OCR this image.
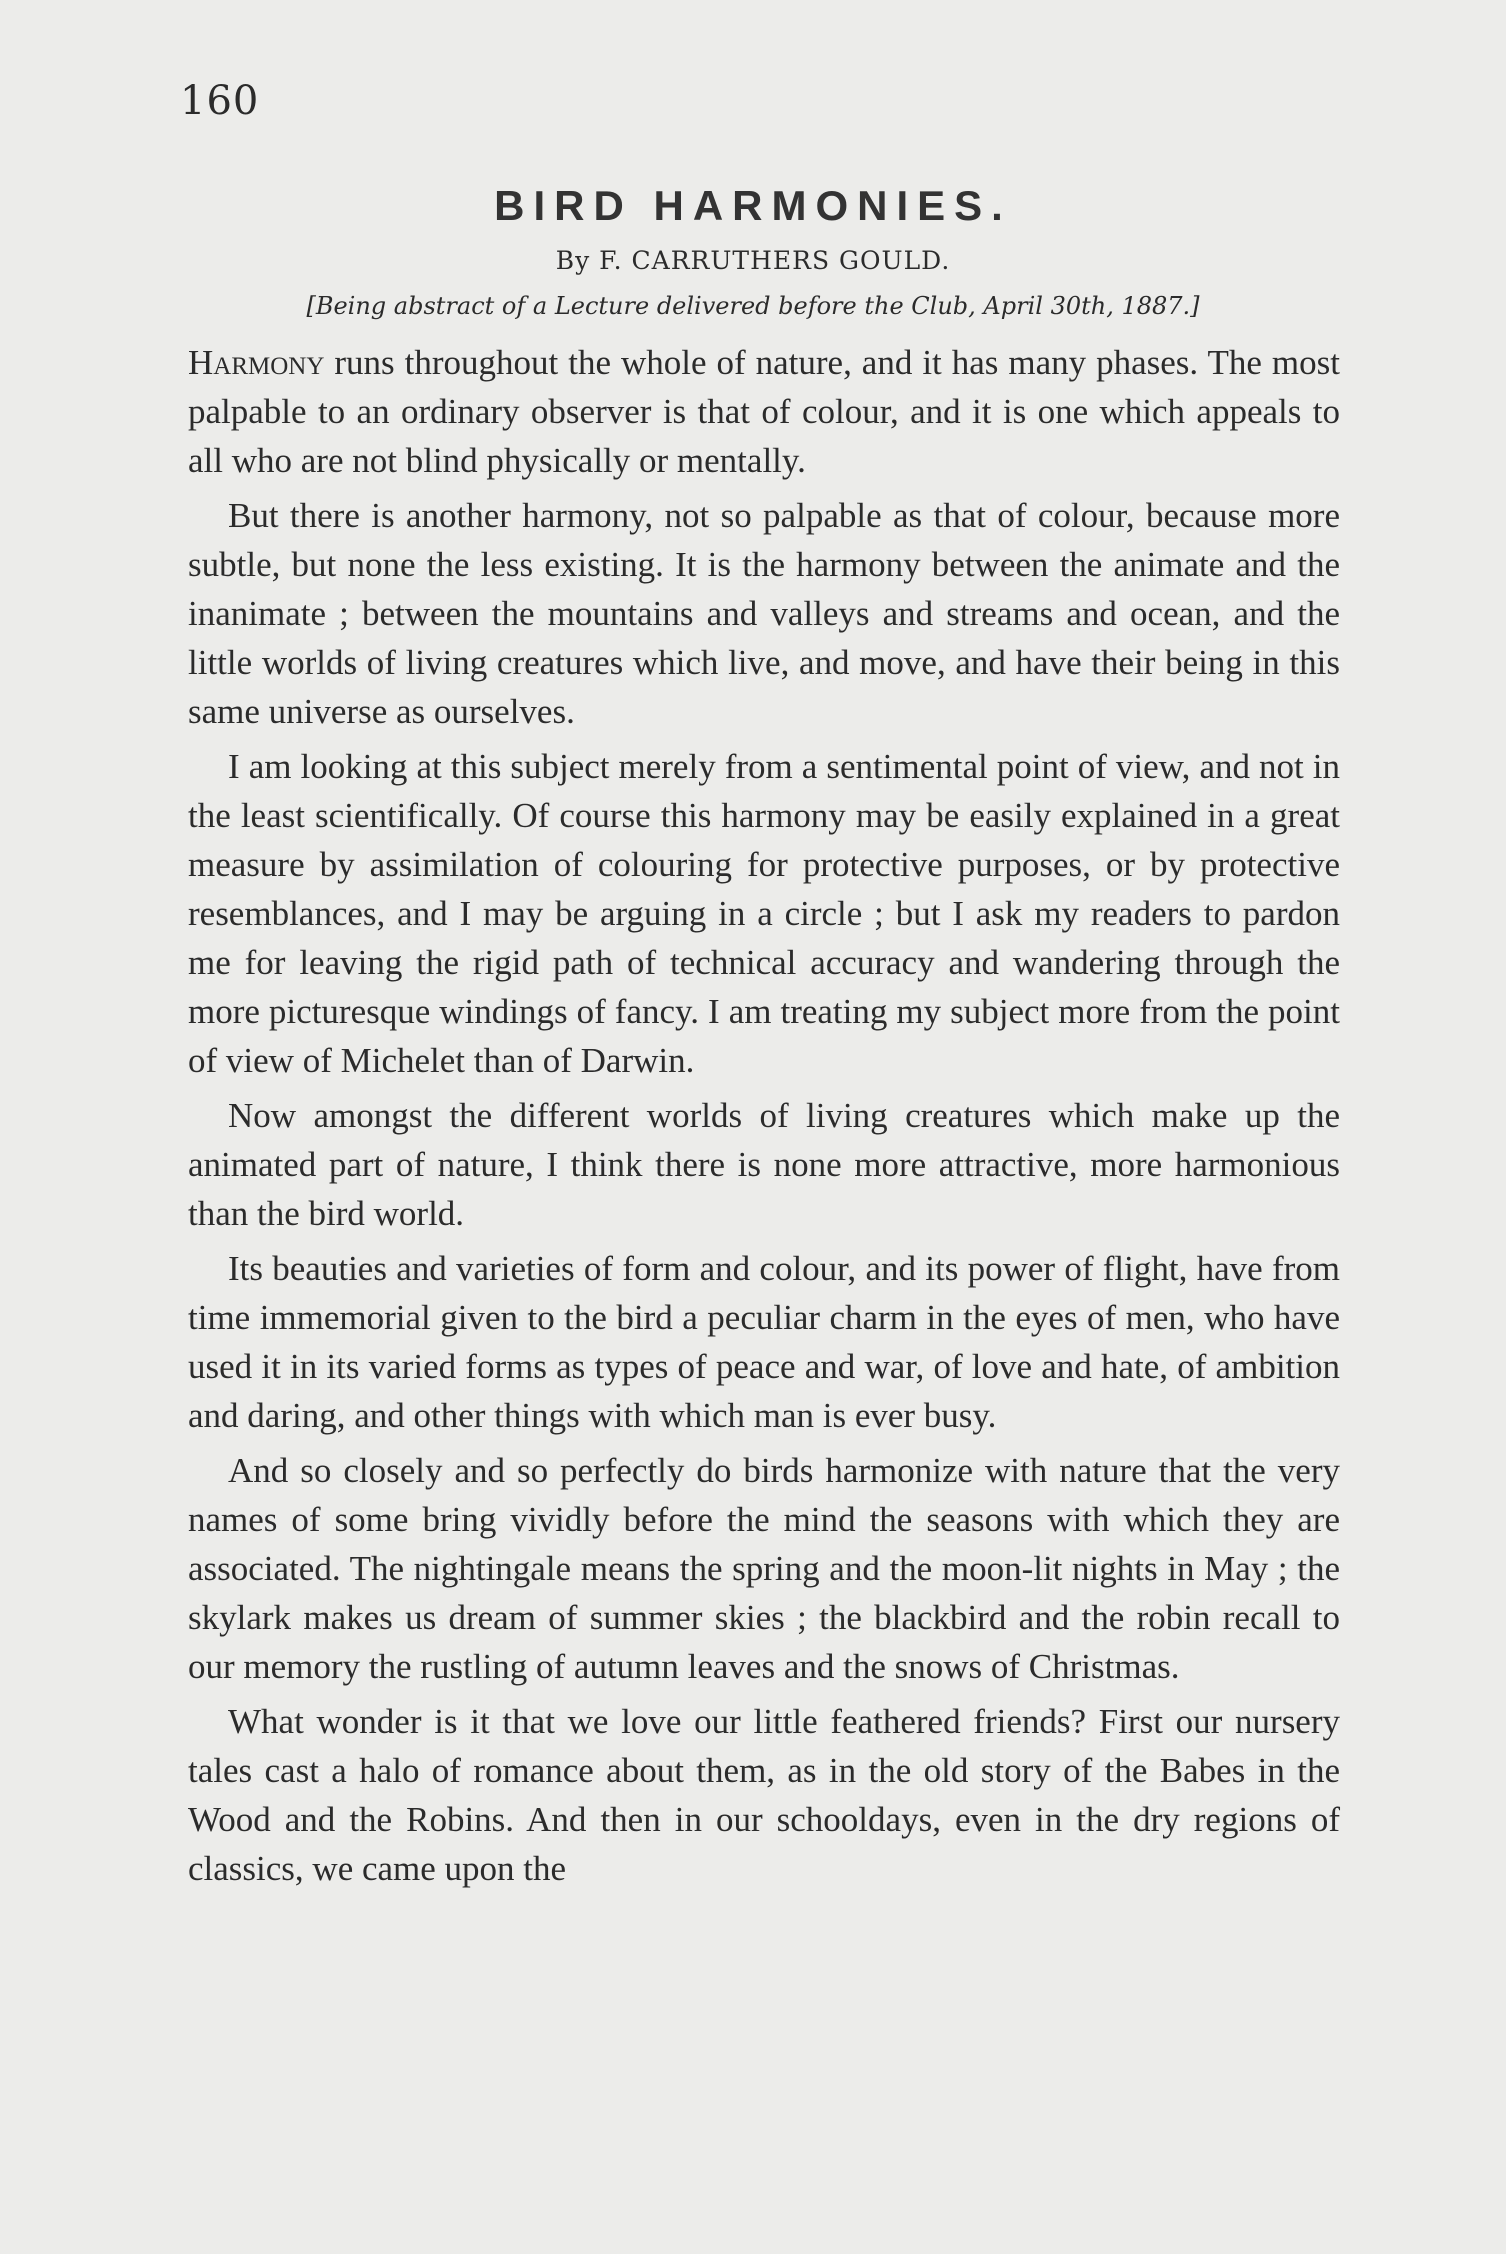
160
BIRD HARMONIES.
By F. CARRUTHERS GOULD.
[Being abstract of a Lecture delivered before the Club, April 30th, 1887.]

Harmony runs throughout the whole of nature, and it has many phases. The most palpable to an ordinary observer is that of colour, and it is one which appeals to all who are not blind physically or mentally.

But there is another harmony, not so palpable as that of colour, because more subtle, but none the less existing. It is the harmony between the animate and the inanimate ; between the mountains and valleys and streams and ocean, and the little worlds of living creatures which live, and move, and have their being in this same universe as ourselves.

I am looking at this subject merely from a sentimental point of view, and not in the least scientifically. Of course this harmony may be easily explained in a great measure by assimilation of colouring for protective purposes, or by protective resemblances, and I may be arguing in a circle ; but I ask my readers to pardon me for leaving the rigid path of technical accuracy and wandering through the more picturesque windings of fancy. I am treating my subject more from the point of view of Michelet than of Darwin.

Now amongst the different worlds of living creatures which make up the animated part of nature, I think there is none more attractive, more harmonious than the bird world.

Its beauties and varieties of form and colour, and its power of flight, have from time immemorial given to the bird a peculiar charm in the eyes of men, who have used it in its varied forms as types of peace and war, of love and hate, of ambition and daring, and other things with which man is ever busy.

And so closely and so perfectly do birds harmonize with nature that the very names of some bring vividly before the mind the seasons with which they are associated. The nightingale means the spring and the moon-lit nights in May ; the skylark makes us dream of summer skies ; the blackbird and the robin recall to our memory the rustling of autumn leaves and the snows of Christmas.

What wonder is it that we love our little feathered friends? First our nursery tales cast a halo of romance about them, as in the old story of the Babes in the Wood and the Robins. And then in our schooldays, even in the dry regions of classics, we came upon the
